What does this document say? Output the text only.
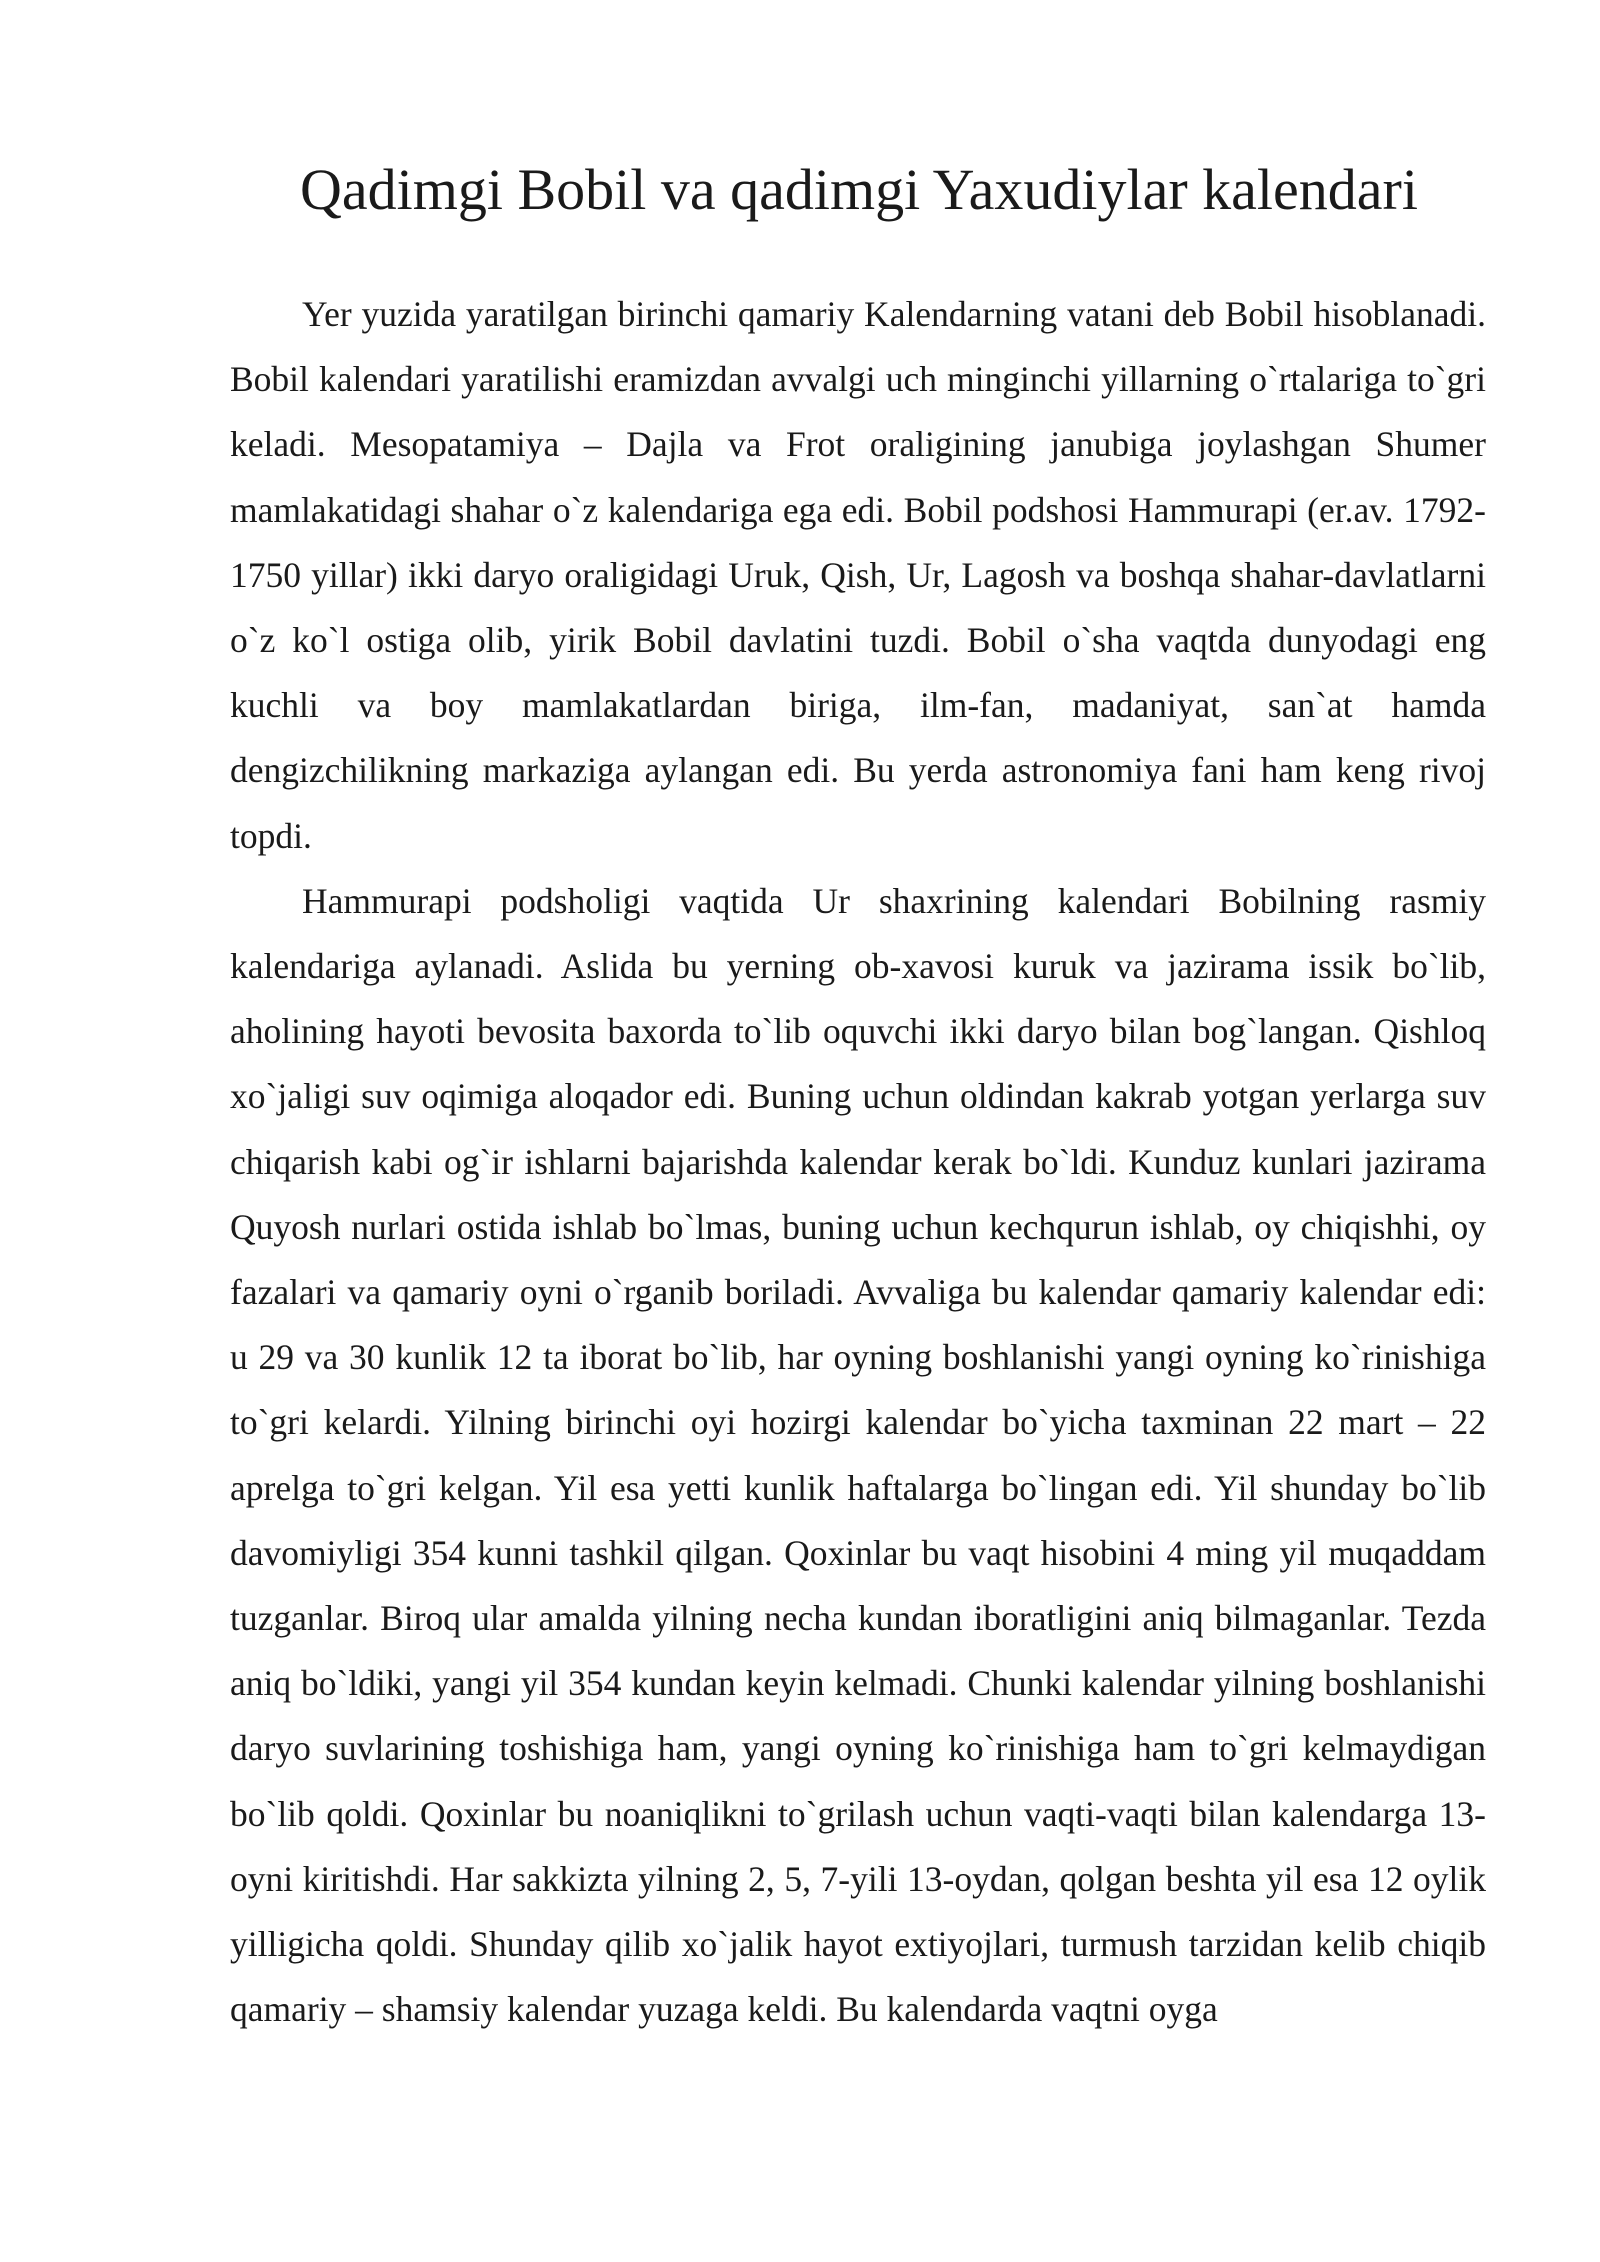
Qadimgi Bobil va qadimgi Yaxudiylar kalendari

Yer yuzida yaratilgan birinchi qamariy Kalendarning vatani deb Bobil hisoblanadi. Bobil kalendari yaratilishi eramizdan avvalgi uch minginchi yillarning o`rtalariga to`gri keladi. Mesopatamiya – Dajla va Frot oraligining janubiga joylashgan Shumer mamlakatidagi shahar o`z kalendariga ega edi. Bobil podshosi Hammurapi (er.av. 1792-1750 yillar) ikki daryo oraligidagi Uruk, Qish, Ur, Lagosh va boshqa shahar-davlatlarni o`z ko`l ostiga olib, yirik Bobil davlatini tuzdi. Bobil o`sha vaqtda dunyodagi eng kuchli va boy mamlakatlardan biriga, ilm-fan, madaniyat, san`at hamda dengizchilikning markaziga aylangan edi. Bu yerda astronomiya fani ham keng rivoj topdi.

Hammurapi podsholigi vaqtida Ur shaxrining kalendari Bobilning rasmiy kalendariga aylanadi. Aslida bu yerning ob-xavosi kuruk va jazirama issik bo`lib, aholining hayoti bevosita baxorda to`lib oquvchi ikki daryo bilan bog`langan. Qishloq xo`jaligi suv oqimiga aloqador edi. Buning uchun oldindan kakrab yotgan yerlarga suv chiqarish kabi og`ir ishlarni bajarishda kalendar kerak bo`ldi. Kunduz kunlari jazirama Quyosh nurlari ostida ishlab bo`lmas, buning uchun kechqurun ishlab, oy chiqishhi, oy fazalari va qamariy oyni o`rganib boriladi. Avvaliga bu kalendar qamariy kalendar edi: u 29 va 30 kunlik 12 ta iborat bo`lib, har oyning boshlanishi yangi oyning ko`rinishiga to`gri kelardi. Yilning birinchi oyi hozirgi kalendar bo`yicha taxminan 22 mart – 22 aprelga to`gri kelgan. Yil esa yetti kunlik haftalarga bo`lingan edi. Yil shunday bo`lib davomiyligi 354 kunni tashkil qilgan. Qoxinlar bu vaqt hisobini 4 ming yil muqaddam tuzganlar. Biroq ular amalda yilning necha kundan iboratligini aniq bilmaganlar. Tezda aniq bo`ldiki, yangi yil 354 kundan keyin kelmadi. Chunki kalendar yilning boshlanishi daryo suvlarining toshishiga ham, yangi oyning ko`rinishiga ham to`gri kelmaydigan bo`lib qoldi. Qoxinlar bu noaniqlikni to`grilash uchun vaqti-vaqti bilan kalendarga 13-oyni kiritishdi. Har sakkizta yilning 2, 5, 7-yili 13-oydan, qolgan beshta yil esa 12 oylik yilligicha qoldi. Shunday qilib xo`jalik hayot extiyojlari, turmush tarzidan kelib chiqib qamariy – shamsiy kalendar yuzaga keldi. Bu kalendarda vaqtni oyga
